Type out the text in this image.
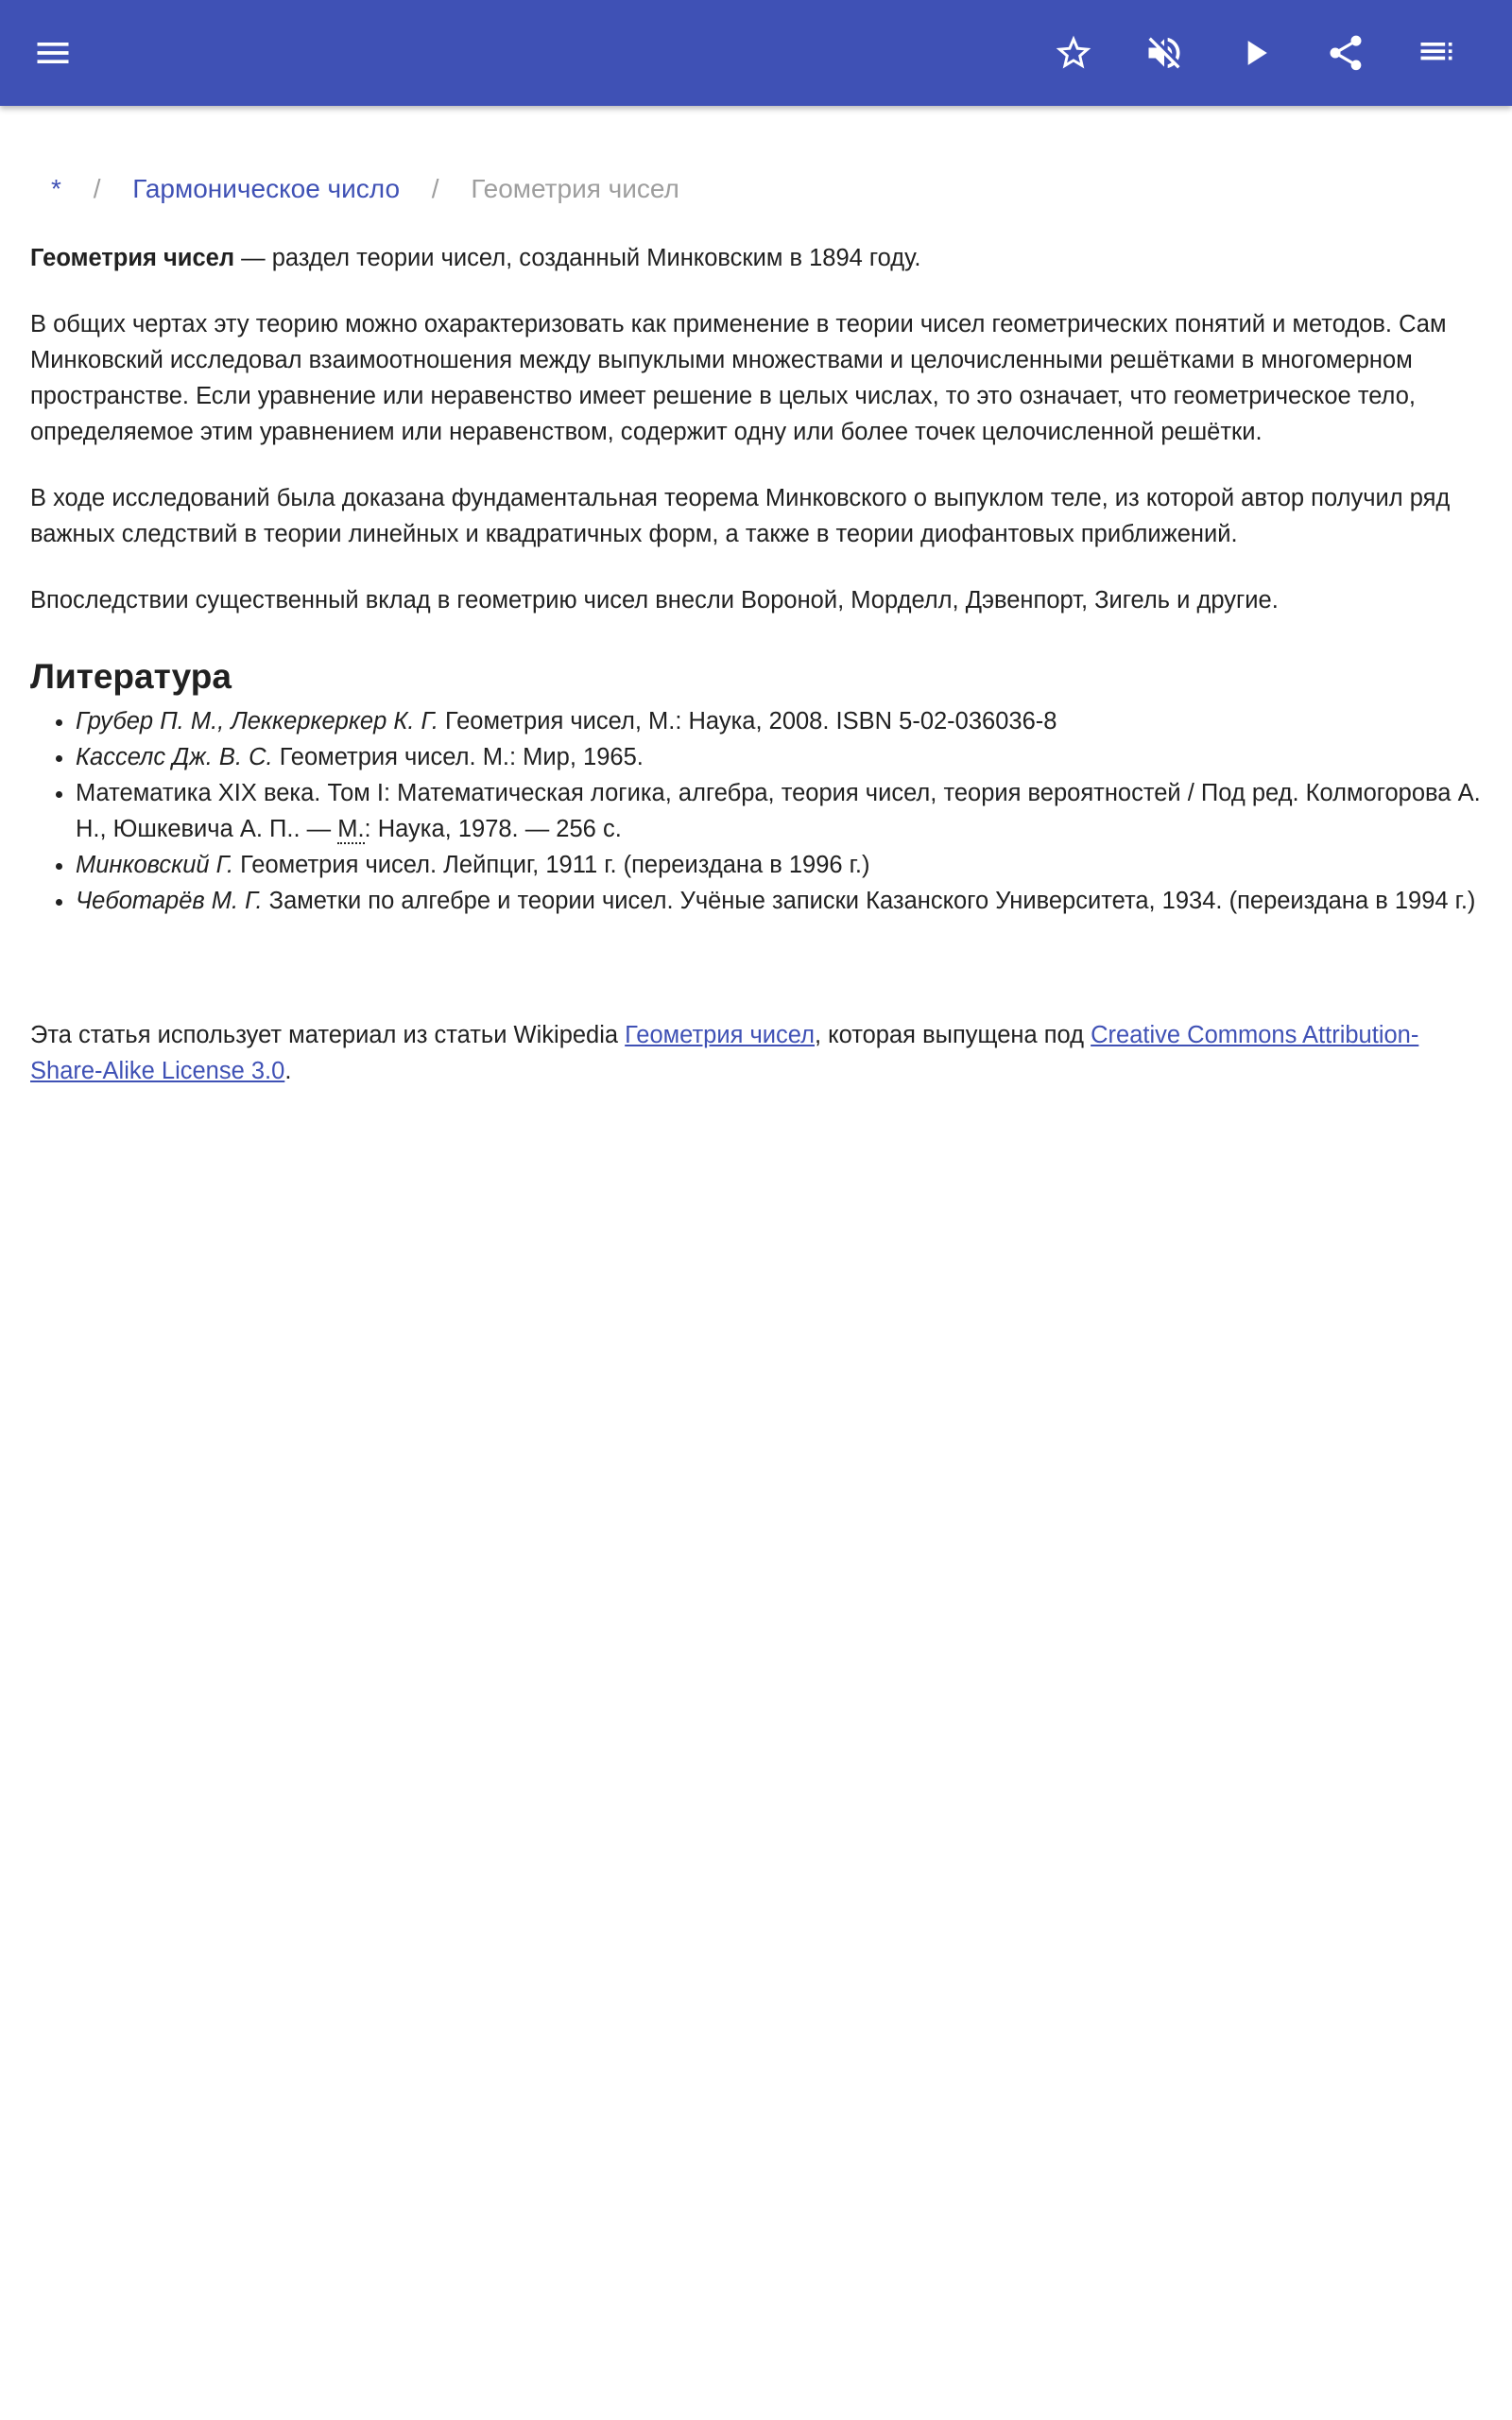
* / Гармоническое число / Геометрия чисел

Геометрия чисел — раздел теории чисел, созданный Минковским в 1894 году.

В общих чертах эту теорию можно охарактеризовать как применение в теории чисел геометрических понятий и методов. Сам Минковский исследовал взаимоотношения между выпуклыми множествами и целочисленными решётками в многомерном пространстве. Если уравнение или неравенство имеет решение в целых числах, то это означает, что геометрическое тело, определяемое этим уравнением или неравенством, содержит одну или более точек целочисленной решётки.

В ходе исследований была доказана фундаментальная теорема Минковского о выпуклом теле, из которой автор получил ряд важных следствий в теории линейных и квадратичных форм, а также в теории диофантовых приближений.

Впоследствии существенный вклад в геометрию чисел внесли Вороной, Морделл, Дэвенпорт, Зигель и другие.

Литература
• Грубер П. М., Леккеркеркер К. Г. Геометрия чисел, М.: Наука, 2008. ISBN 5-02-036036-8
• Касселс Дж. В. С. Геометрия чисел. М.: Мир, 1965.
• Математика XIX века. Том I: Математическая логика, алгебра, теория чисел, теория вероятностей / Под ред. Колмогорова А. Н., Юшкевича А. П.. — М.: Наука, 1978. — 256 с.
• Минковский Г. Геометрия чисел. Лейпциг, 1911 г. (переиздана в 1996 г.)
• Чеботарёв М. Г. Заметки по алгебре и теории чисел. Учёные записки Казанского Университета, 1934. (переиздана в 1994 г.)

Эта статья использует материал из статьи Wikipedia Геометрия чисел, которая выпущена под Creative Commons Attribution-Share-Alike License 3.0.
